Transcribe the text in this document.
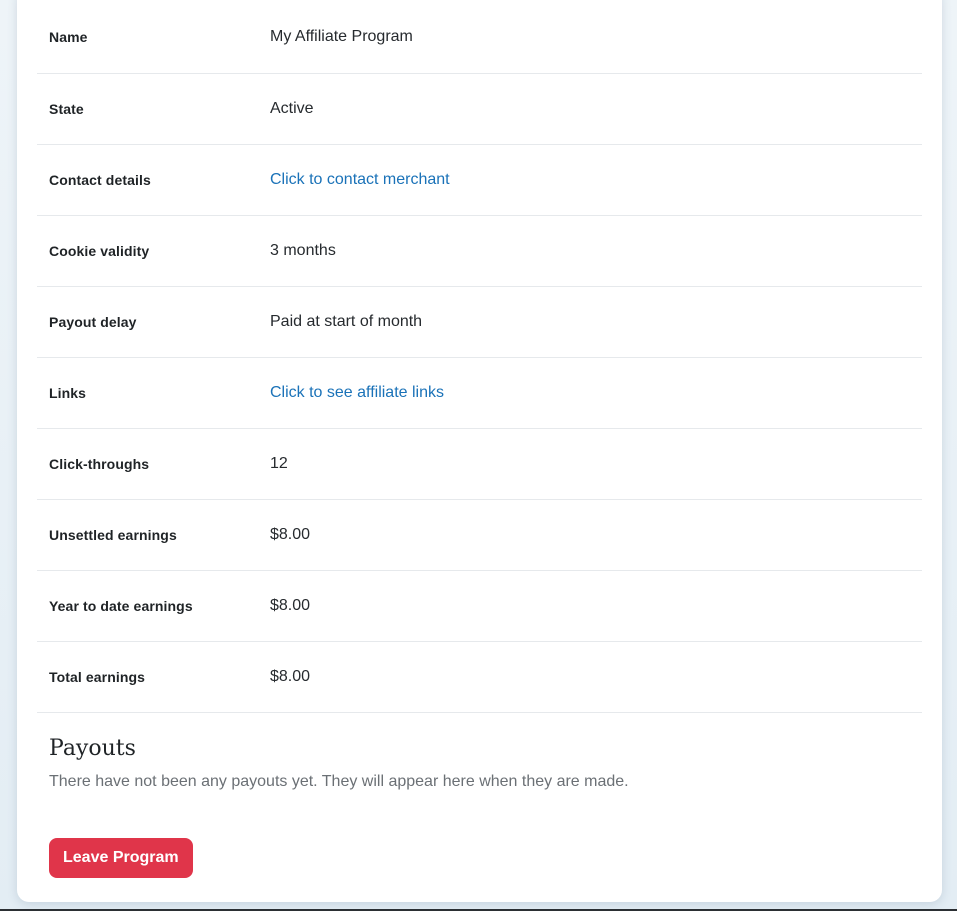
Name	My Affiliate Program
State	Active
Contact details	Click to contact merchant
Cookie validity	3 months
Payout delay	Paid at start of month
Links	Click to see affiliate links
Click-throughs	12
Unsettled earnings	$8.00
Year to date earnings	$8.00
Total earnings	$8.00
Payouts

There have not been any payouts yet. They will appear here when they are made.

Leave Program
